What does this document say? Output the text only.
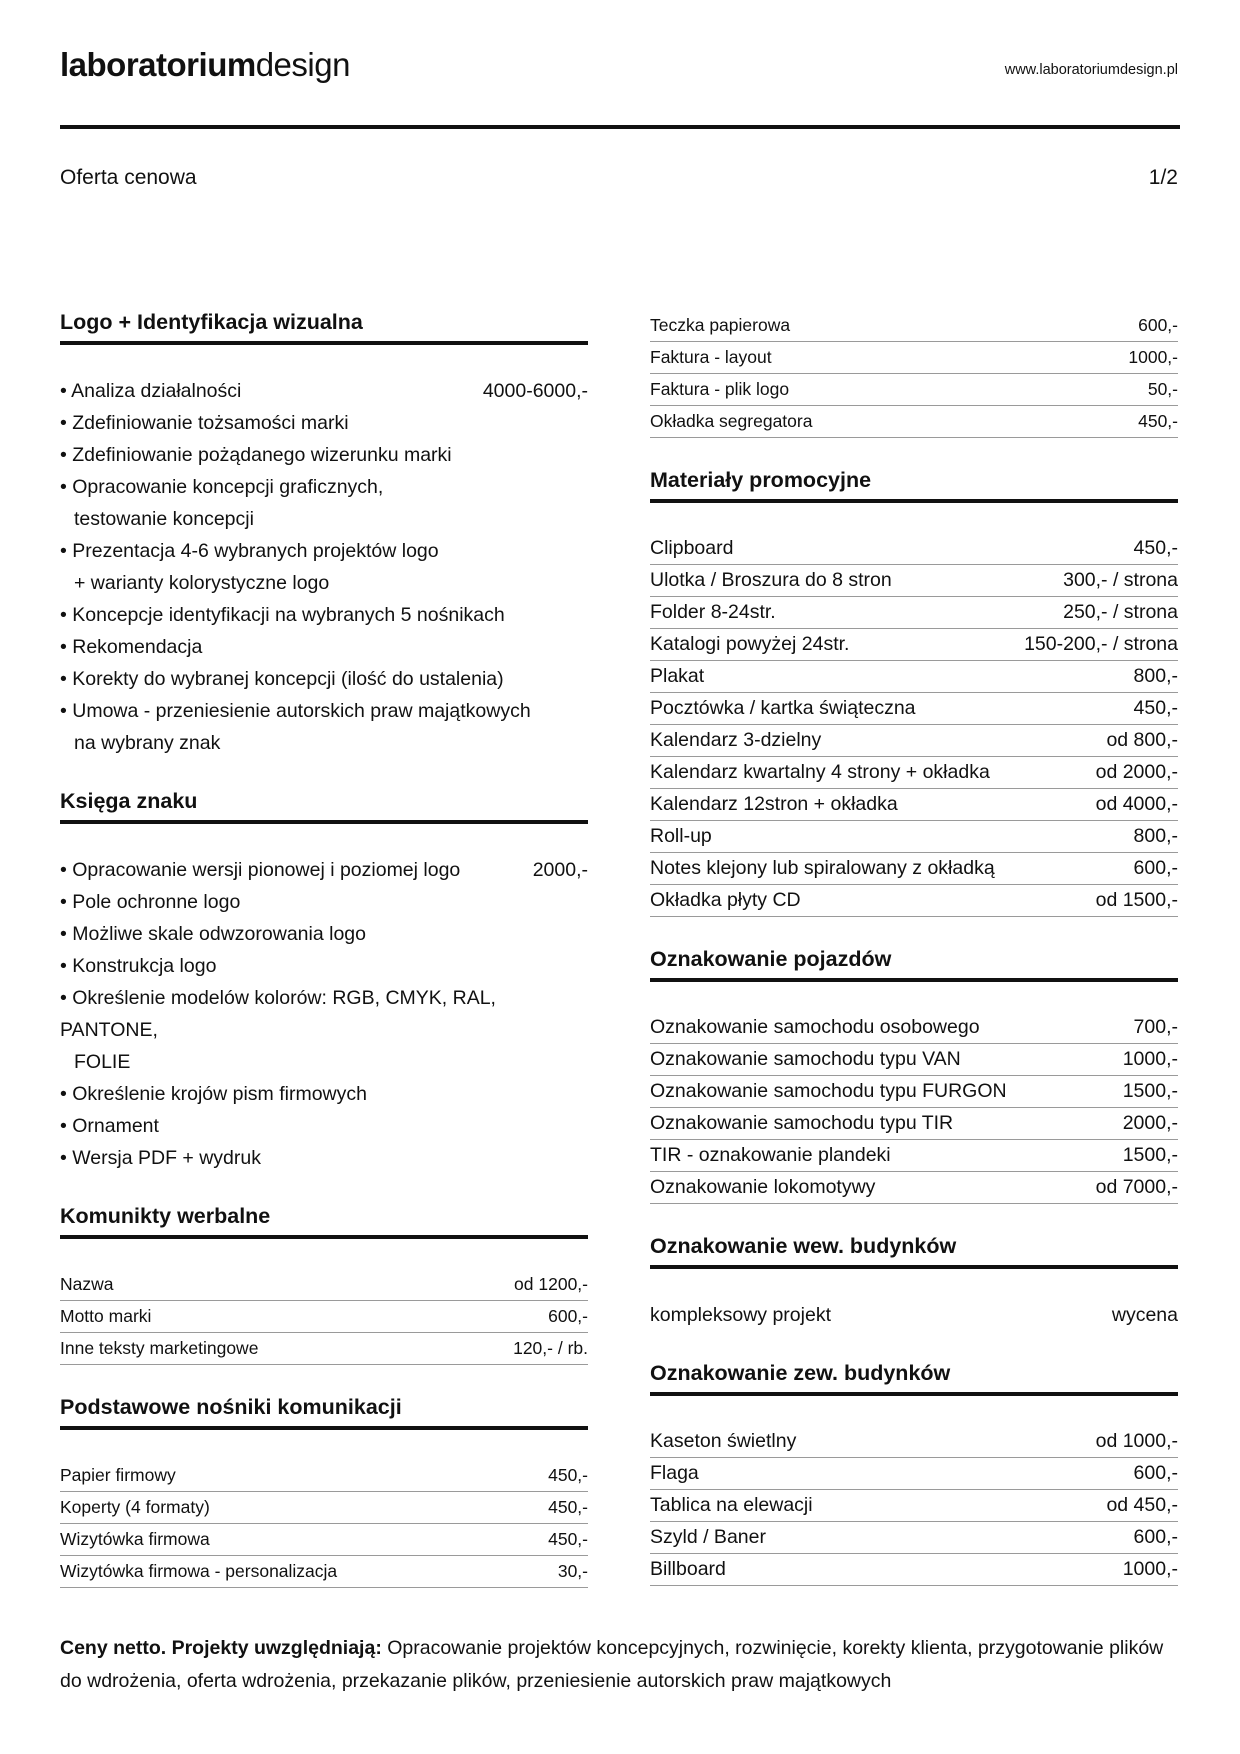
laboratoriumdesign	www.laboratoriumdesign.pl
Oferta cenowa	1/2
Logo + Identyfikacja wizualna
• Analiza działalności	4000-6000,-
• Zdefiniowanie tożsamości marki
• Zdefiniowanie pożądanego wizerunku marki
• Opracowanie koncepcji graficznych,
testowanie koncepcji
• Prezentacja 4-6 wybranych projektów logo
+ warianty kolorystyczne logo
• Koncepcje identyfikacji na wybranych 5 nośnikach
• Rekomendacja
• Korekty do wybranej koncepcji (ilość do ustalenia)
• Umowa - przeniesienie autorskich praw majątkowych
na wybrany znak
Księga znaku
• Opracowanie wersji pionowej i poziomej logo	2000,-
• Pole ochronne logo
• Możliwe skale odwzorowania logo
• Konstrukcja logo
• Określenie modelów kolorów: RGB, CMYK, RAL,
PANTONE,
FOLIE
• Określenie krojów pism firmowych
• Ornament
• Wersja PDF + wydruk
Komunikty werbalne
Nazwa	od 1200,-
Motto marki	600,-
Inne teksty marketingowe	120,- / rb.
Podstawowe nośniki komunikacji
Papier firmowy	450,-
Koperty (4 formaty)	450,-
Wizytówka firmowa	450,-
Wizytówka firmowa - personalizacja	30,-
Teczka papierowa	600,-
Faktura - layout	1000,-
Faktura - plik logo	50,-
Okładka segregatora	450,-
Materiały promocyjne
Clipboard	450,-
Ulotka / Broszura do 8 stron	300,- / strona
Folder 8-24str.	250,- / strona
Katalogi powyżej 24str.	150-200,- / strona
Plakat	800,-
Pocztówka / kartka świąteczna	450,-
Kalendarz 3-dzielny	od 800,-
Kalendarz kwartalny 4 strony + okładka	od 2000,-
Kalendarz 12stron + okładka	od 4000,-
Roll-up	800,-
Notes klejony lub spiralowany z okładką	600,-
Okładka płyty CD	od 1500,-
Oznakowanie pojazdów
Oznakowanie samochodu osobowego	700,-
Oznakowanie samochodu typu VAN	1000,-
Oznakowanie samochodu typu FURGON	1500,-
Oznakowanie samochodu typu TIR	2000,-
TIR - oznakowanie plandeki	1500,-
Oznakowanie lokomotywy	od 7000,-
Oznakowanie wew. budynków
kompleksowy projekt	wycena
Oznakowanie zew. budynków
Kaseton świetlny	od 1000,-
Flaga	600,-
Tablica na elewacji	od 450,-
Szyld / Baner	600,-
Billboard	1000,-
Ceny netto. Projekty uwzględniają: Opracowanie projektów koncepcyjnych, rozwinięcie, korekty klienta, przygotowanie plików do wdrożenia, oferta wdrożenia, przekazanie plików, przeniesienie autorskich praw majątkowych
